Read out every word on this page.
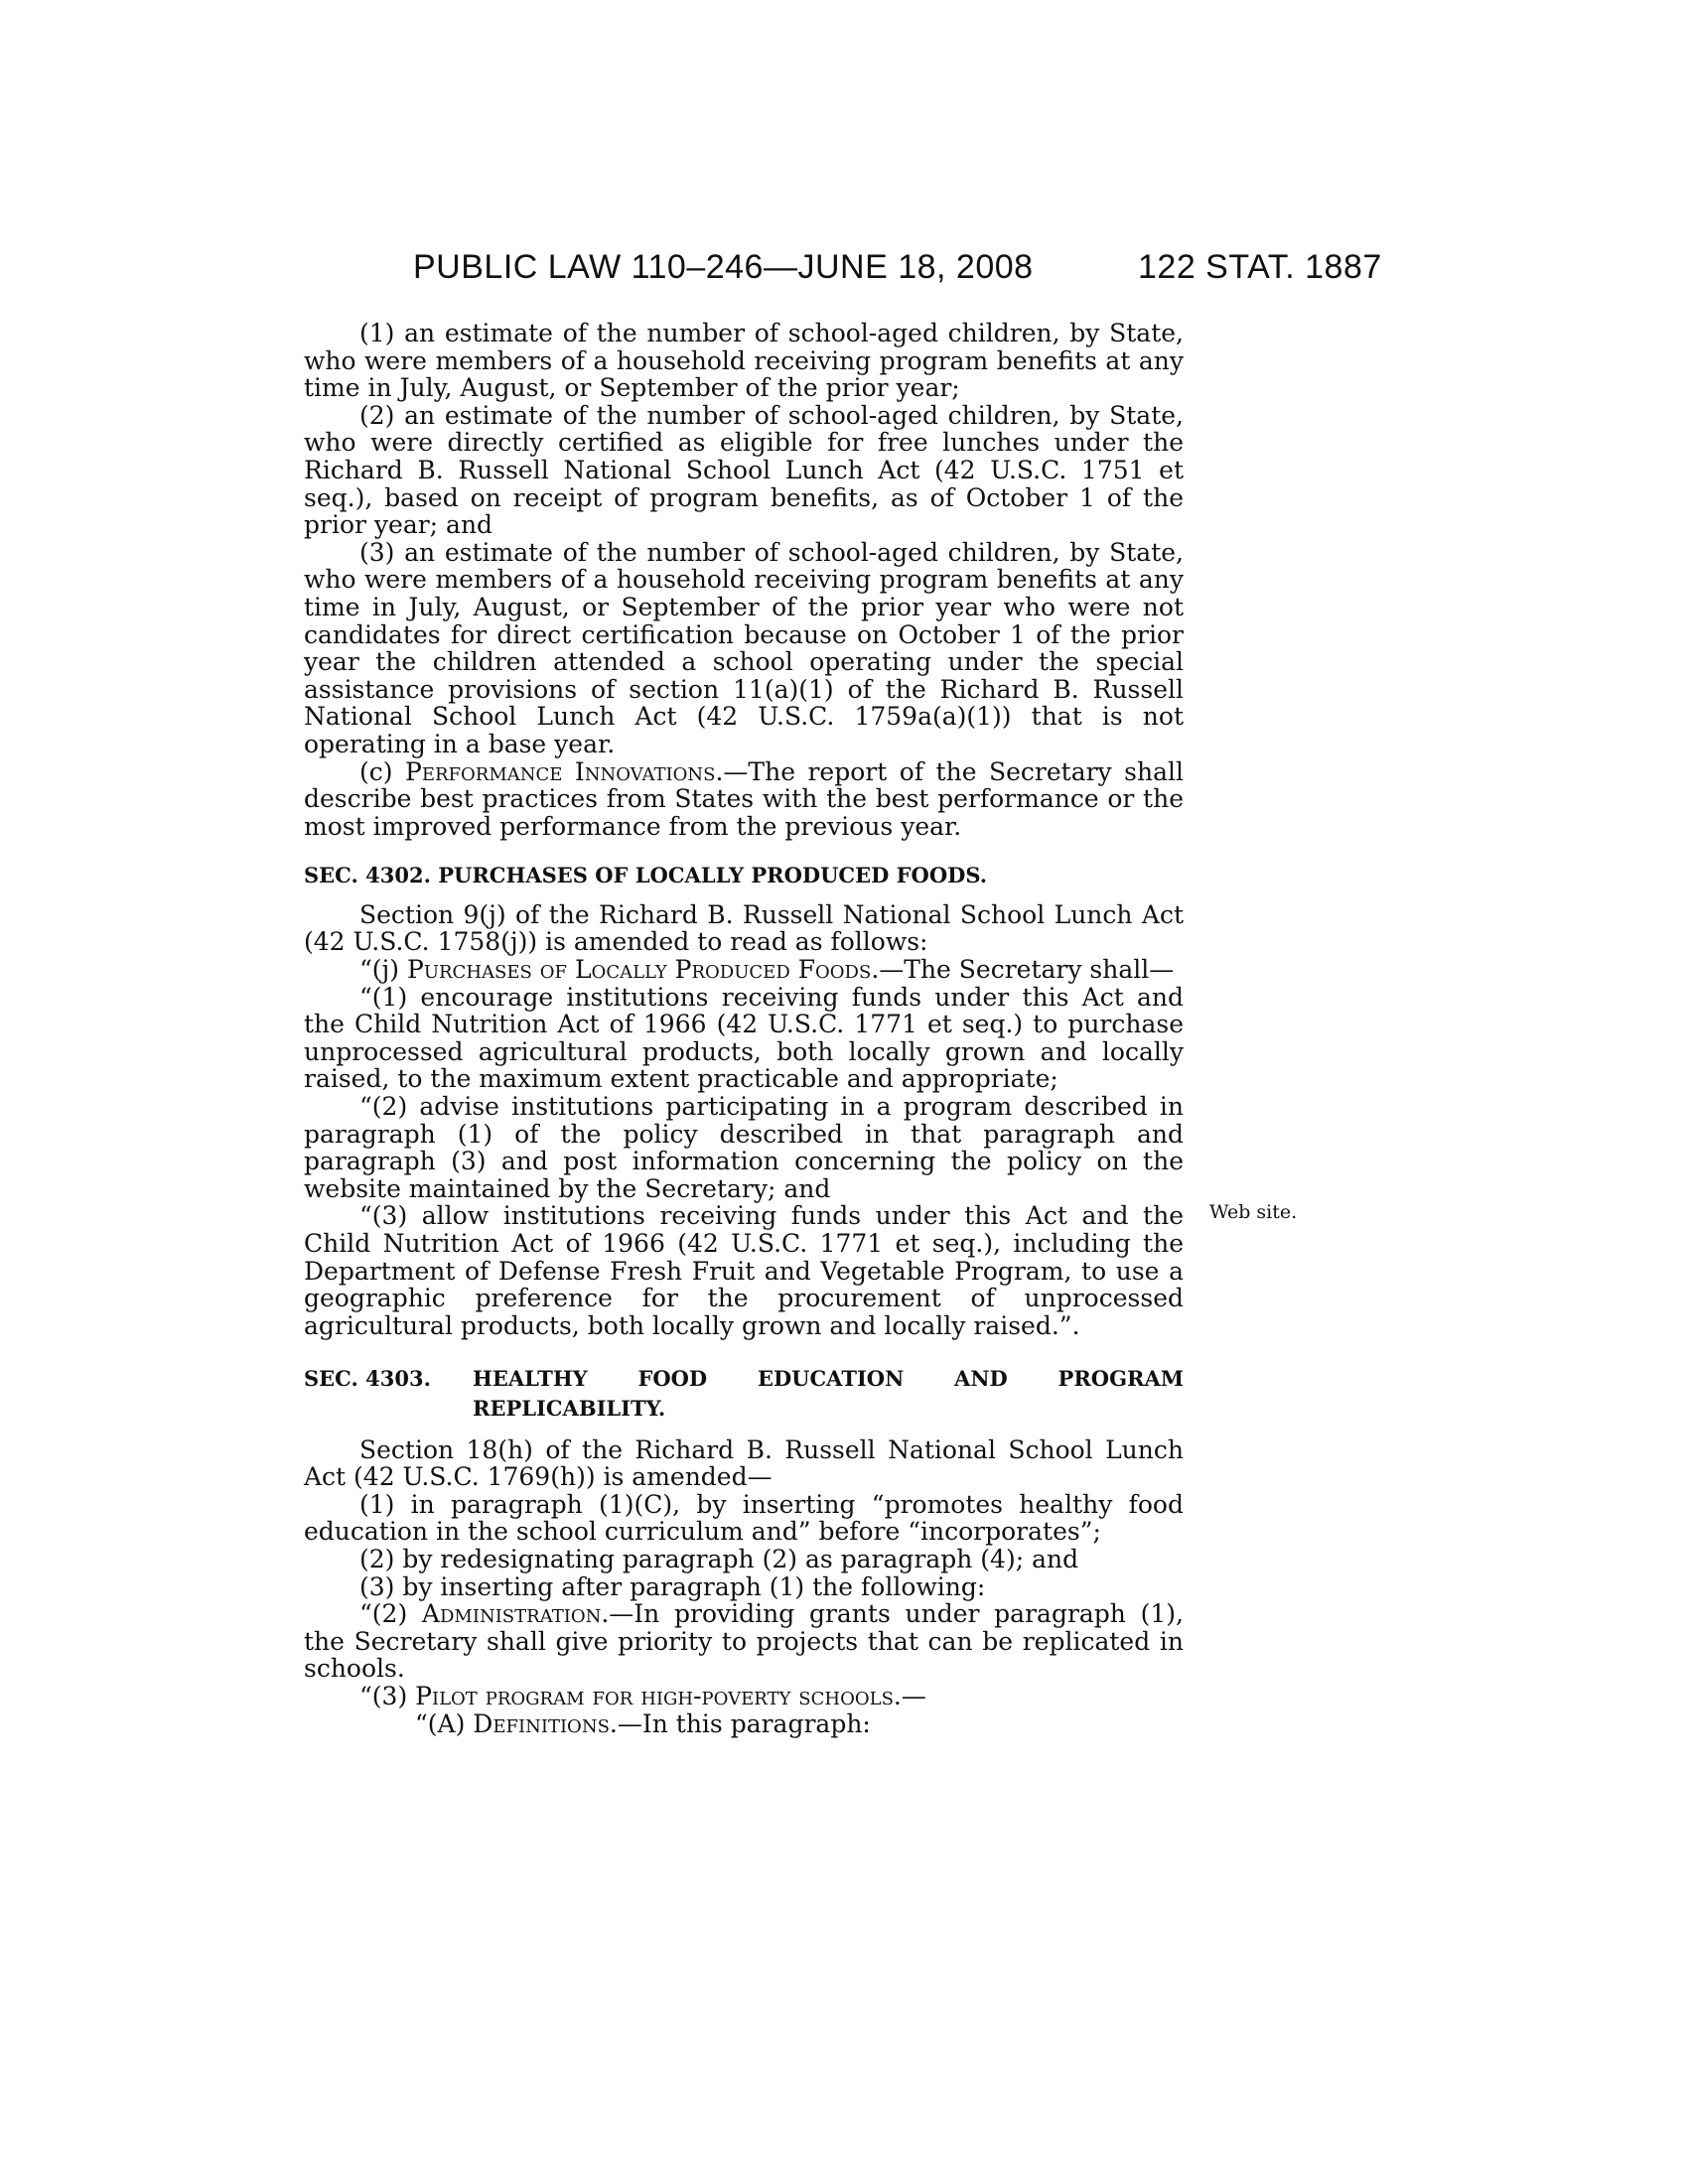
PUBLIC LAW 110–246—JUNE 18, 2008	122 STAT. 1887
Web site.

(1) an estimate of the number of school-aged children, by State, who were members of a household receiving program benefits at any time in July, August, or September of the prior year;

(2) an estimate of the number of school-aged children, by State, who were directly certified as eligible for free lunches under the Richard B. Russell National School Lunch Act (42 U.S.C. 1751 et seq.), based on receipt of program benefits, as of October 1 of the prior year; and

(3) an estimate of the number of school-aged children, by State, who were members of a household receiving program benefits at any time in July, August, or September of the prior year who were not candidates for direct certification because on October 1 of the prior year the children attended a school operating under the special assistance provisions of section 11(a)(1) of the Richard B. Russell National School Lunch Act (42 U.S.C. 1759a(a)(1)) that is not operating in a base year.

(c) Performance Innovations.—The report of the Secretary shall describe best practices from States with the best performance or the most improved performance from the previous year.

SEC. 4302. PURCHASES OF LOCALLY PRODUCED FOODS.

Section 9(j) of the Richard B. Russell National School Lunch Act (42 U.S.C. 1758(j)) is amended to read as follows:

“(j) Purchases of Locally Produced Foods.—The Secretary shall—

“(1) encourage institutions receiving funds under this Act and the Child Nutrition Act of 1966 (42 U.S.C. 1771 et seq.) to purchase unprocessed agricultural products, both locally grown and locally raised, to the maximum extent practicable and appropriate;

“(2) advise institutions participating in a program described in paragraph (1) of the policy described in that paragraph and paragraph (3) and post information concerning the policy on the website maintained by the Secretary; and

“(3) allow institutions receiving funds under this Act and the Child Nutrition Act of 1966 (42 U.S.C. 1771 et seq.), including the Department of Defense Fresh Fruit and Vegetable Program, to use a geographic preference for the procurement of unprocessed agricultural products, both locally grown and locally raised.”.

SEC. 4303.	HEALTHY FOOD EDUCATION AND PROGRAM

REPLICABILITY.

Section 18(h) of the Richard B. Russell National School Lunch Act (42 U.S.C. 1769(h)) is amended—

(1) in paragraph (1)(C), by inserting “promotes healthy food education in the school curriculum and” before “incorporates”;

(2) by redesignating paragraph (2) as paragraph (4); and

(3) by inserting after paragraph (1) the following:

“(2) Administration.—In providing grants under paragraph (1), the Secretary shall give priority to projects that can be replicated in schools.

“(3) Pilot program for high-poverty schools.—

“(A) Definitions.—In this paragraph:
